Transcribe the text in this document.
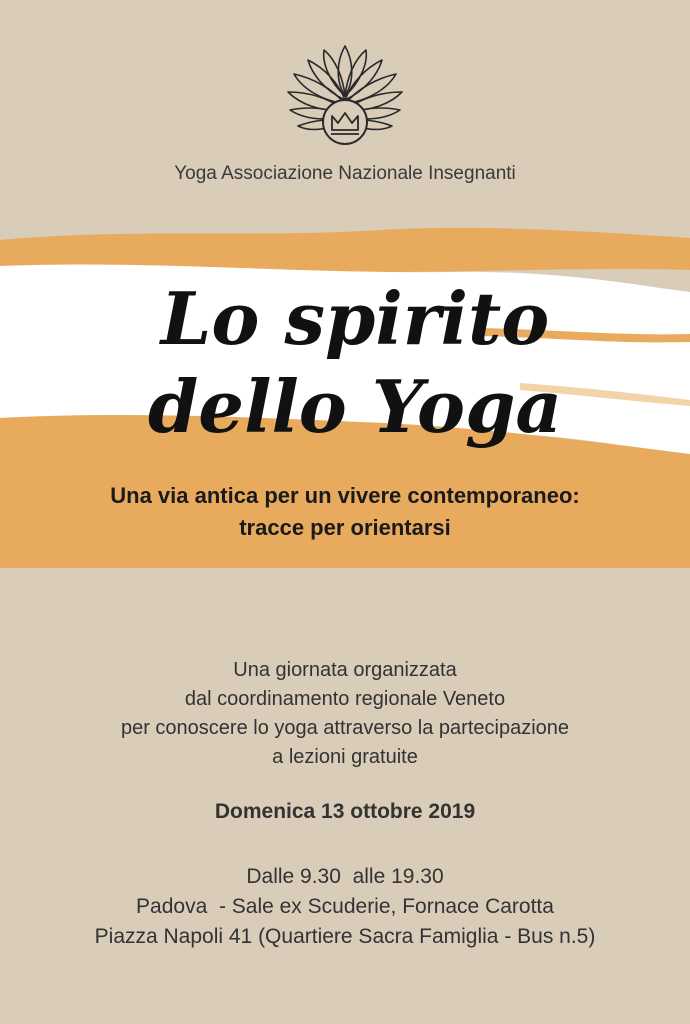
Yoga Associazione Nazionale Insegnanti
Lo spirito
dello Yoga
Una via antica per un vivere contemporaneo:
tracce per orientarsi
Una giornata organizzata
dal coordinamento regionale Veneto
per conoscere lo yoga attraverso la partecipazione
a lezioni gratuite
Domenica 13 ottobre 2019
Dalle 9.30  alle 19.30
Padova  - Sale ex Scuderie, Fornace Carotta
Piazza Napoli 41 (Quartiere Sacra Famiglia - Bus n.5)
